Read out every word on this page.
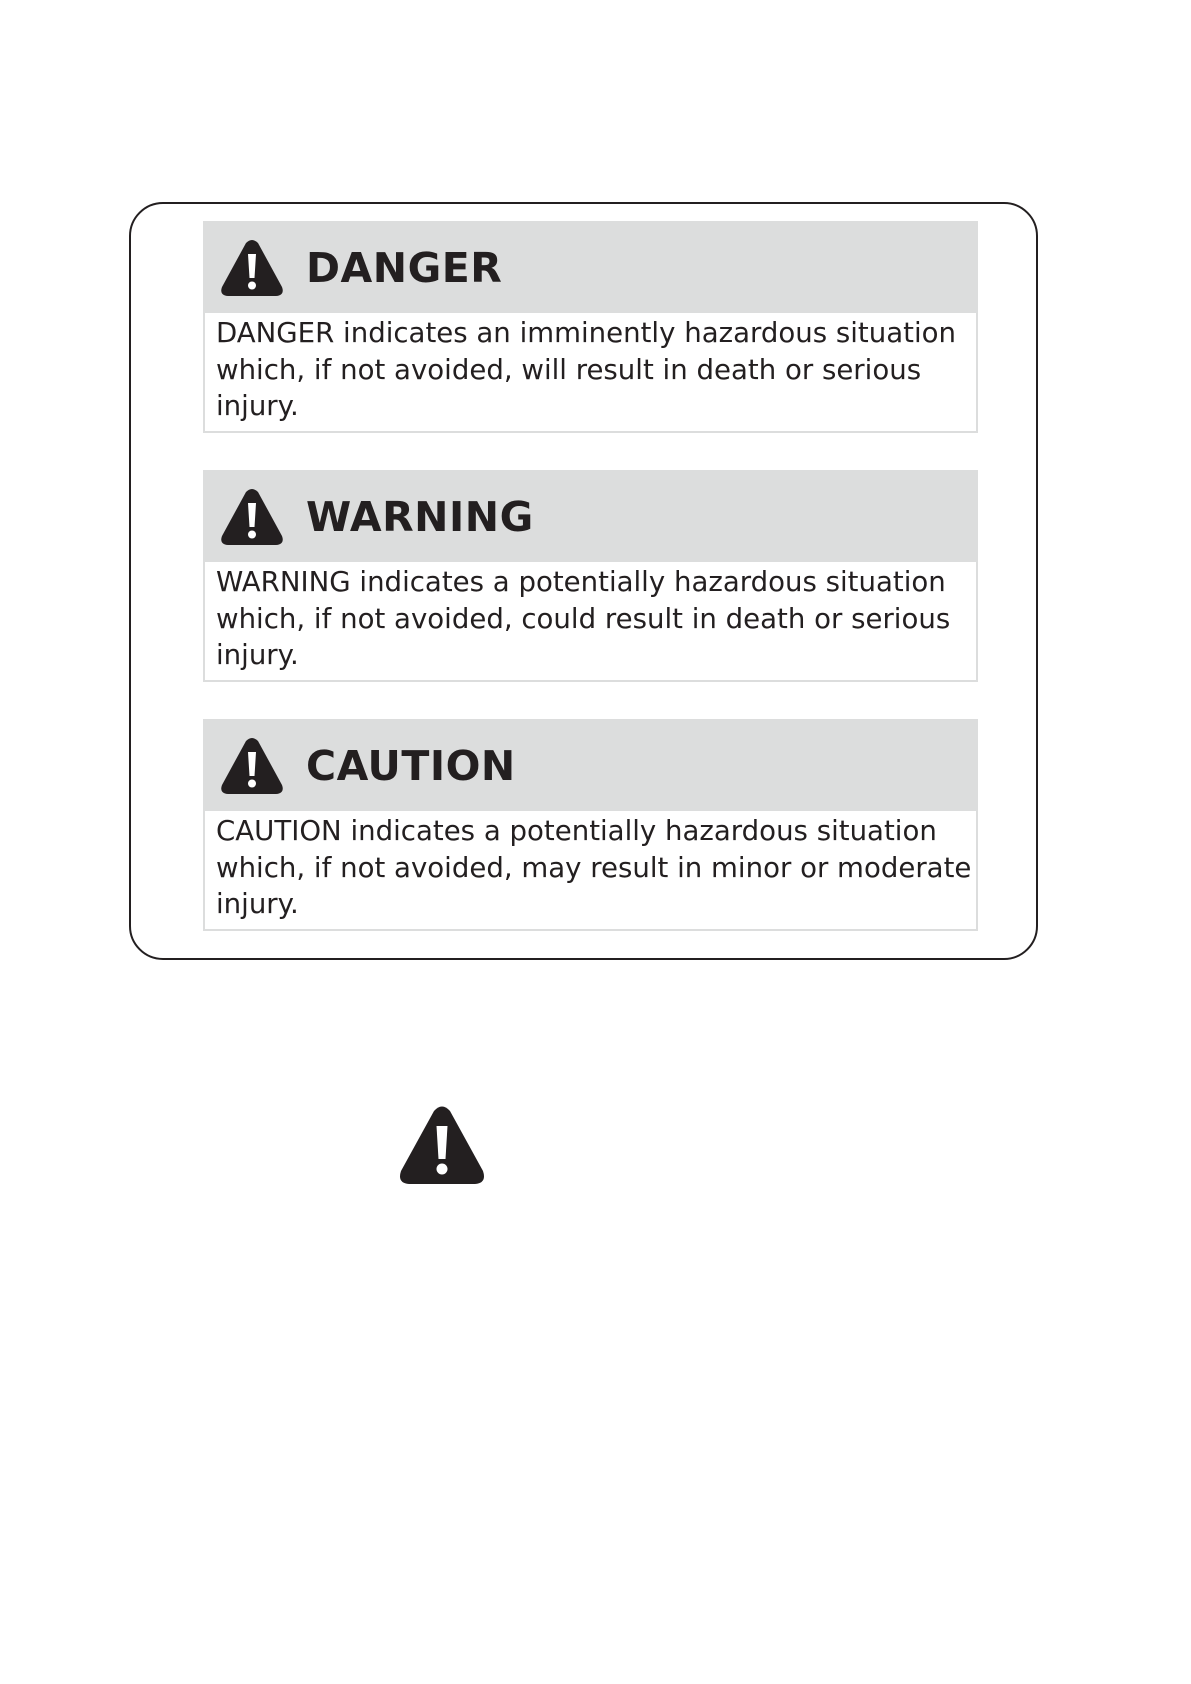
DANGER
DANGER indicates an imminently hazardous situation
which, if not avoided, will result in death or serious
injury.
WARNING
WARNING indicates a potentially hazardous situation
which, if not avoided, could result in death or serious
injury.
CAUTION
CAUTION indicates a potentially hazardous situation
which, if not avoided, may result in minor or moderate
injury.
